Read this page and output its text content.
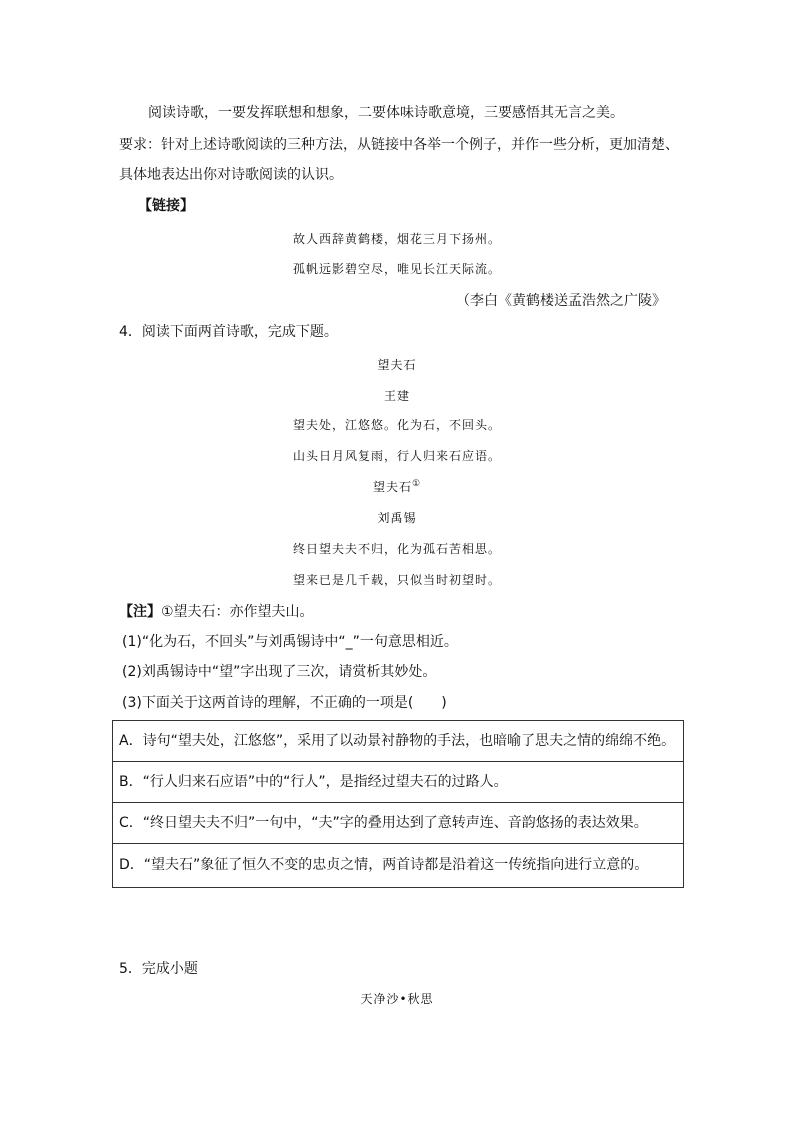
阅读诗歌，一要发挥联想和想象，二要体味诗歌意境，三要感悟其无言之美。
要求：针对上述诗歌阅读的三种方法，从链接中各举一个例子，并作一些分析，更加清楚、
具体地表达出你对诗歌阅读的认识。
【链接】
故人西辞黄鹤楼，烟花三月下扬州。
孤帆远影碧空尽，唯见长江天际流。
（李白《黄鹤楼送孟浩然之广陵》
4．阅读下面两首诗歌，完成下题。
望夫石
王建
望夫处，江悠悠。化为石，不回头。
山头日月风复雨，行人归来石应语。
望夫石①
刘禹锡
终日望夫夫不归，化为孤石苦相思。
望来已是几千载，只似当时初望时。
【注】①望夫石：亦作望夫山。
(1)“化为石，不回头”与刘禹锡诗中“_”一句意思相近。
(2)刘禹锡诗中“望”字出现了三次，请赏析其妙处。
(3)下面关于这两首诗的理解，不正确的一项是(　　)
A．诗句“望夫处，江悠悠”，采用了以动景衬静物的手法，也暗喻了思夫之情的绵绵不绝。
B．“行人归来石应语”中的“行人”，是指经过望夫石的过路人。
C．“终日望夫夫不归”一句中，“夫”字的叠用达到了意转声连、音韵悠扬的表达效果。
D．“望夫石”象征了恒久不变的忠贞之情，两首诗都是沿着这一传统指向进行立意的。
5．完成小题
天净沙•秋思
